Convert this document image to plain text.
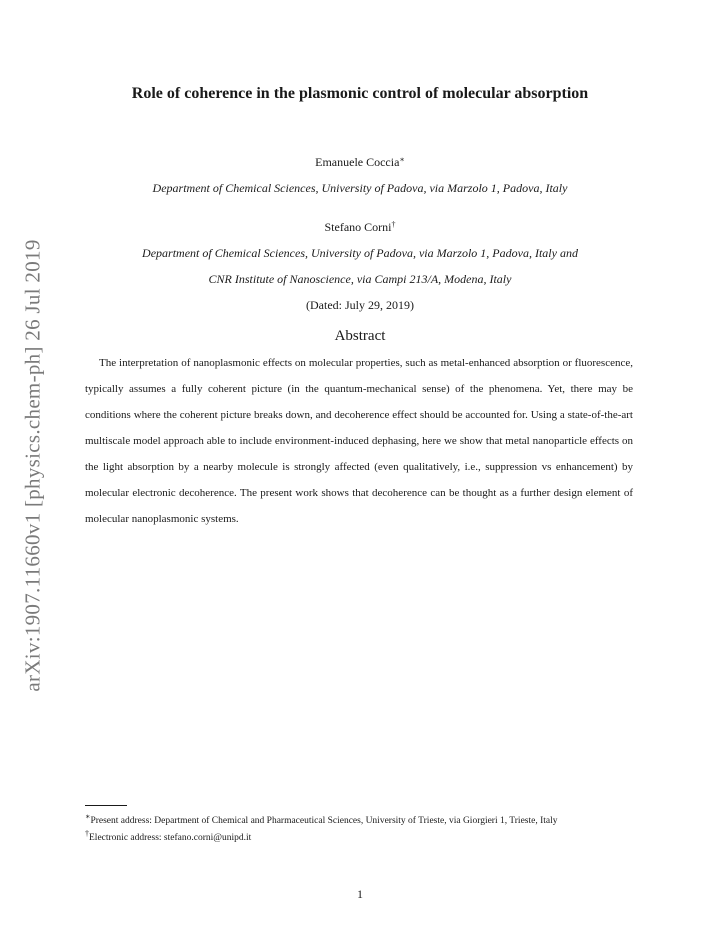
arXiv:1907.11660v1 [physics.chem-ph] 26 Jul 2019
Role of coherence in the plasmonic control of molecular absorption
Emanuele Coccia∗
Department of Chemical Sciences, University of Padova, via Marzolo 1, Padova, Italy
Stefano Corni†
Department of Chemical Sciences, University of Padova, via Marzolo 1, Padova, Italy and
CNR Institute of Nanoscience, via Campi 213/A, Modena, Italy
(Dated: July 29, 2019)
Abstract

The interpretation of nanoplasmonic effects on molecular properties, such as metal-enhanced absorption or fluorescence, typically assumes a fully coherent picture (in the quantum-mechanical sense) of the phenomena. Yet, there may be conditions where the coherent picture breaks down, and decoherence effect should be accounted for. Using a state-of-the-art multiscale model approach able to include environment-induced dephasing, here we show that metal nanoparticle effects on the light absorption by a nearby molecule is strongly affected (even qualitatively, i.e., suppression vs enhancement) by molecular electronic decoherence. The present work shows that decoherence can be thought as a further design element of molecular nanoplasmonic systems.

∗Present address: Department of Chemical and Pharmaceutical Sciences, University of Trieste, via Giorgieri 1, Trieste, Italy

†Electronic address: stefano.corni@unipd.it

1
